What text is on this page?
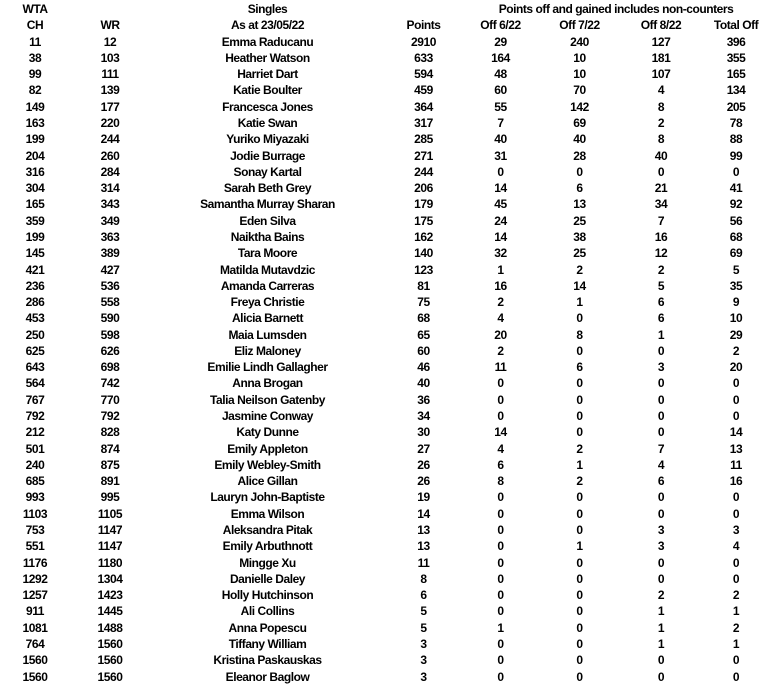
WTA		Singles		Points off and gained includes non-counters			
CH	WR	As at 23/05/22	Points	Off 6/22	Off 7/22	Off 8/22	Total Off
11	12	Emma Raducanu	2910	29	240	127	396
38	103	Heather Watson	633	164	10	181	355
99	111	Harriet Dart	594	48	10	107	165
82	139	Katie Boulter	459	60	70	4	134
149	177	Francesca Jones	364	55	142	8	205
163	220	Katie Swan	317	7	69	2	78
199	244	Yuriko Miyazaki	285	40	40	8	88
204	260	Jodie Burrage	271	31	28	40	99
316	284	Sonay Kartal	244	0	0	0	0
304	314	Sarah Beth Grey	206	14	6	21	41
165	343	Samantha Murray Sharan	179	45	13	34	92
359	349	Eden Silva	175	24	25	7	56
199	363	Naiktha Bains	162	14	38	16	68
145	389	Tara Moore	140	32	25	12	69
421	427	Matilda Mutavdzic	123	1	2	2	5
236	536	Amanda Carreras	81	16	14	5	35
286	558	Freya Christie	75	2	1	6	9
453	590	Alicia Barnett	68	4	0	6	10
250	598	Maia Lumsden	65	20	8	1	29
625	626	Eliz Maloney	60	2	0	0	2
643	698	Emilie Lindh Gallagher	46	11	6	3	20
564	742	Anna Brogan	40	0	0	0	0
767	770	Talia Neilson Gatenby	36	0	0	0	0
792	792	Jasmine Conway	34	0	0	0	0
212	828	Katy Dunne	30	14	0	0	14
501	874	Emily Appleton	27	4	2	7	13
240	875	Emily Webley-Smith	26	6	1	4	11
685	891	Alice Gillan	26	8	2	6	16
993	995	Lauryn John-Baptiste	19	0	0	0	0
1103	1105	Emma Wilson	14	0	0	0	0
753	1147	Aleksandra Pitak	13	0	0	3	3
551	1147	Emily Arbuthnott	13	0	1	3	4
1176	1180	Mingge Xu	11	0	0	0	0
1292	1304	Danielle Daley	8	0	0	0	0
1257	1423	Holly Hutchinson	6	0	0	2	2
911	1445	Ali Collins	5	0	0	1	1
1081	1488	Anna Popescu	5	1	0	1	2
764	1560	Tiffany William	3	0	0	1	1
1560	1560	Kristina Paskauskas	3	0	0	0	0
1560	1560	Eleanor Baglow	3	0	0	0	0
